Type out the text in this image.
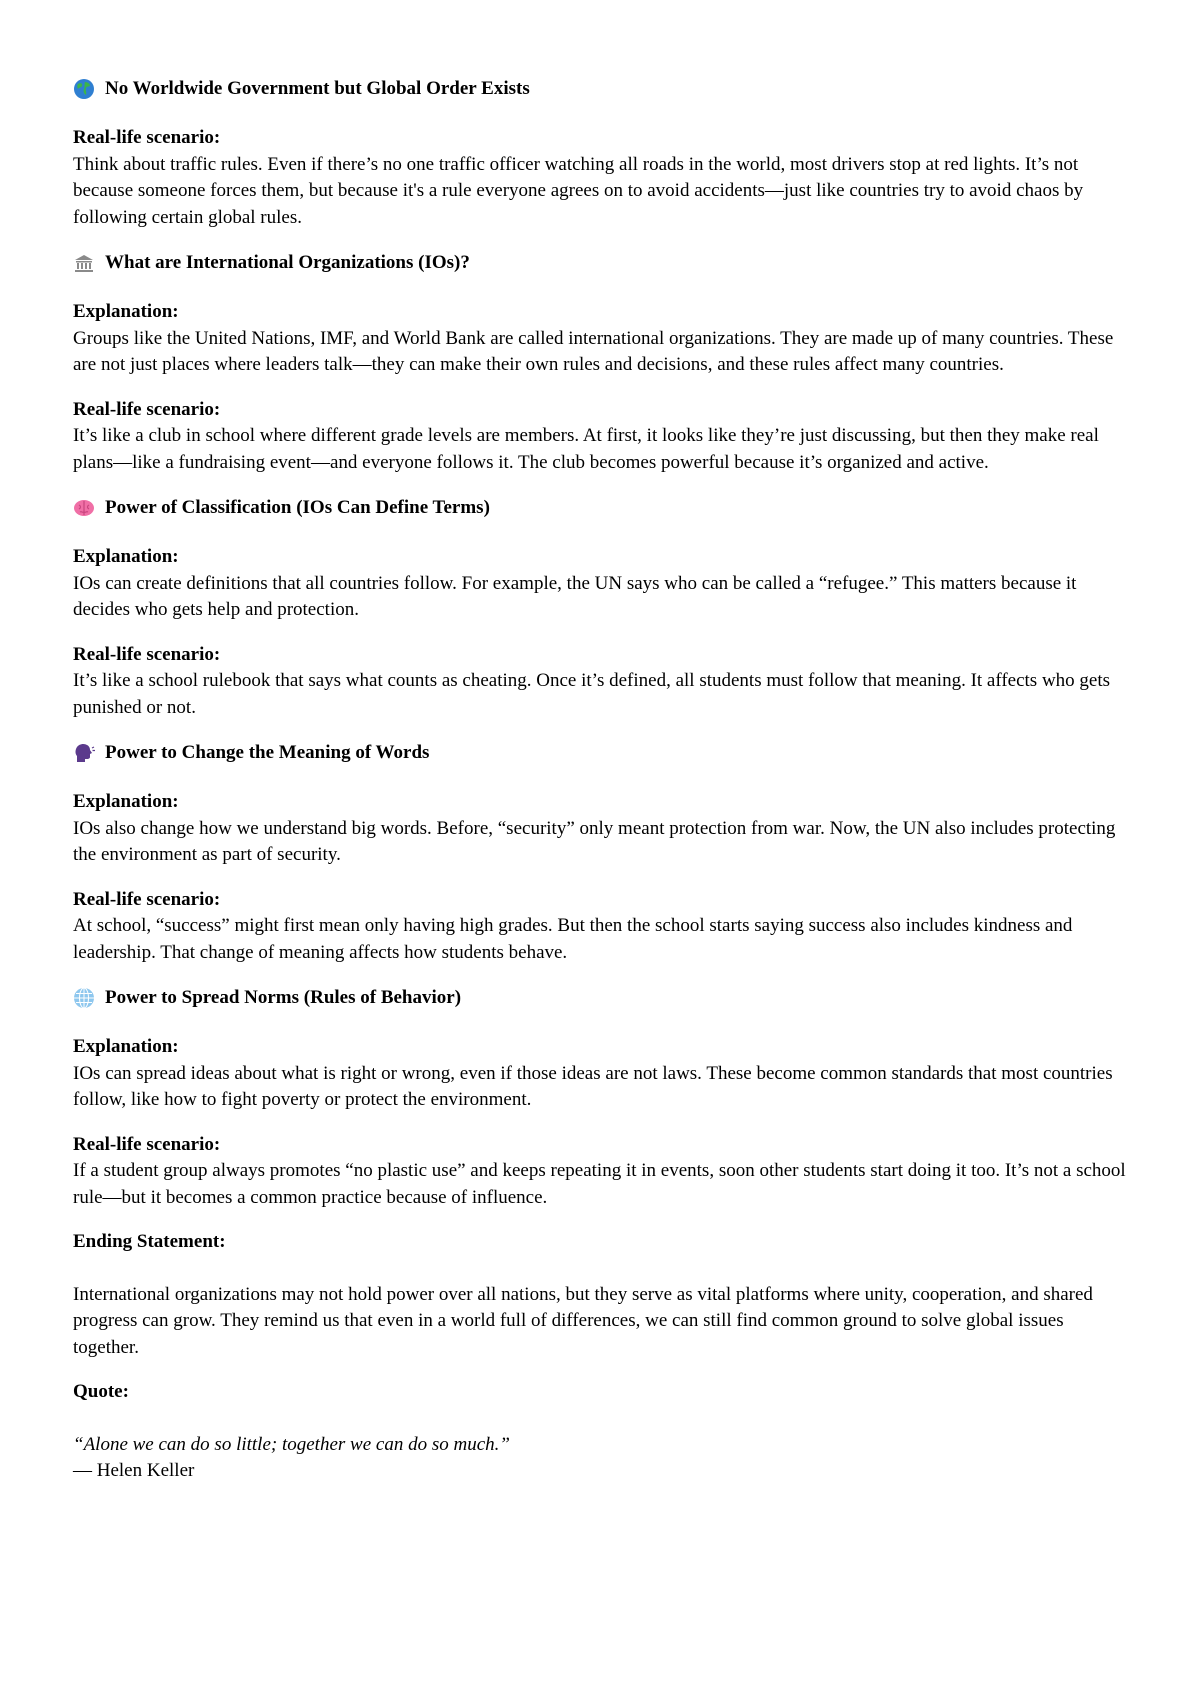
No Worldwide Government but Global Order Exists
Real-life scenario:
Think about traffic rules. Even if there’s no one traffic officer watching all roads in the world, most drivers stop at red lights. It’s not because someone forces them, but because it's a rule everyone agrees on to avoid accidents—just like countries try to avoid chaos by following certain global rules.
What are International Organizations (IOs)?
Explanation:
Groups like the United Nations, IMF, and World Bank are called international organizations. They are made up of many countries. These are not just places where leaders talk—they can make their own rules and decisions, and these rules affect many countries.
Real-life scenario:
It’s like a club in school where different grade levels are members. At first, it looks like they’re just discussing, but then they make real plans—like a fundraising event—and everyone follows it. The club becomes powerful because it’s organized and active.
Power of Classification (IOs Can Define Terms)
Explanation:
IOs can create definitions that all countries follow. For example, the UN says who can be called a “refugee.” This matters because it decides who gets help and protection.
Real-life scenario:
It’s like a school rulebook that says what counts as cheating. Once it’s defined, all students must follow that meaning. It affects who gets punished or not.
Power to Change the Meaning of Words
Explanation:
IOs also change how we understand big words. Before, “security” only meant protection from war. Now, the UN also includes protecting the environment as part of security.
Real-life scenario:
At school, “success” might first mean only having high grades. But then the school starts saying success also includes kindness and leadership. That change of meaning affects how students behave.
Power to Spread Norms (Rules of Behavior)
Explanation:
IOs can spread ideas about what is right or wrong, even if those ideas are not laws. These become common standards that most countries follow, like how to fight poverty or protect the environment.
Real-life scenario:
If a student group always promotes “no plastic use” and keeps repeating it in events, soon other students start doing it too. It’s not a school rule—but it becomes a common practice because of influence.
Ending Statement:
International organizations may not hold power over all nations, but they serve as vital platforms where unity, cooperation, and shared progress can grow. They remind us that even in a world full of differences, we can still find common ground to solve global issues together.
Quote:
“Alone we can do so little; together we can do so much.”
— Helen Keller
